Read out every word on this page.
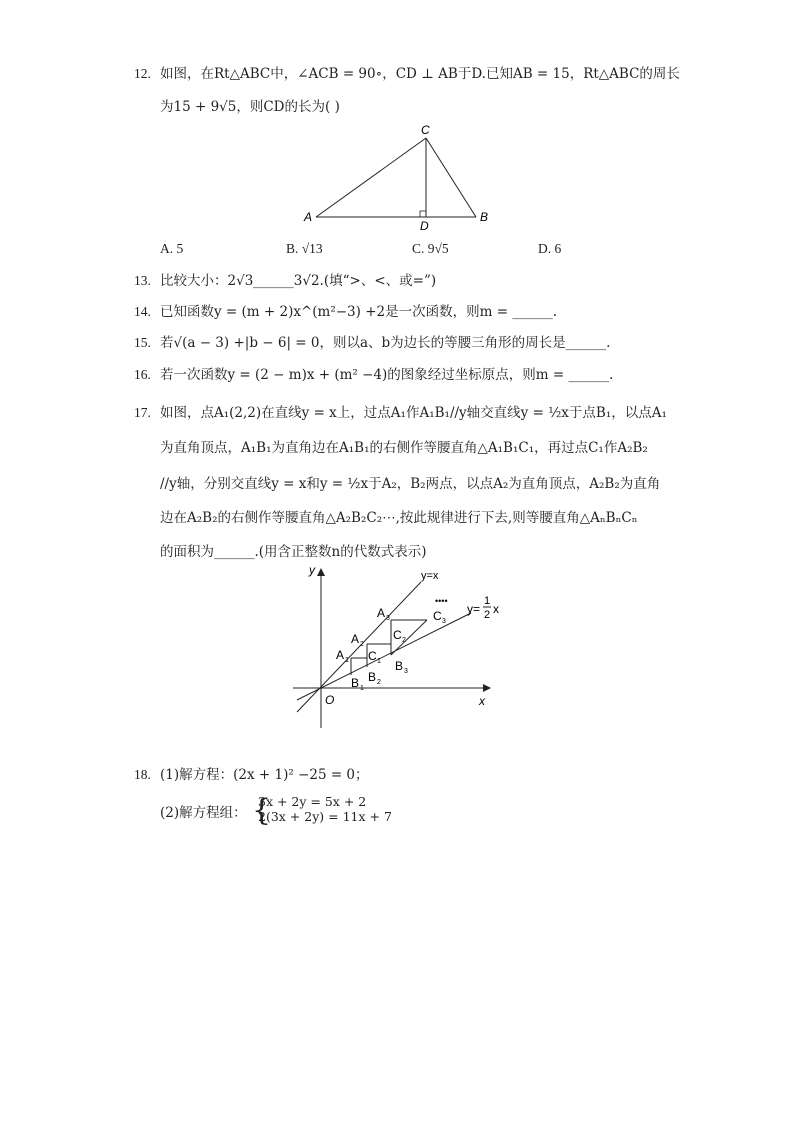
12. 如图，在Rt△ABC中，∠ACB = 90∘，CD ⊥ AB于D.已知AB = 15，Rt△ABC的周长
为15 + 9√5，则CD的长为( )
C
A	B
D
A. 5	B. √13	C. 9√5	D. 6
13. 比较大小：2√3______3√2.(填“>、<、或=”)
14. 已知函数y = (m + 2)x^(m²−3) +2是一次函数，则m = ______.
15. 若√(a − 3) +|b − 6| = 0，则以a、b为边长的等腰三角形的周长是______.
16. 若一次函数y = (2 − m)x + (m² −4)的图象经过坐标原点，则m = ______.
17. 如图，点A₁(2,2)在直线y = x上，过点A₁作A₁B₁//y轴交直线y = ½x于点B₁，以点A₁
为直角顶点，A₁B₁为直角边在A₁B₁的右侧作等腰直角△A₁B₁C₁，再过点C₁作A₂B₂
//y轴，分别交直线y = x和y = ½x于A₂，B₂两点，以点A₂为直角顶点，A₂B₂为直角
边在A₂B₂的右侧作等腰直角△A₂B₂C₂⋯,按此规律进行下去,则等腰直角△AₙBₙCₙ
的面积为______.(用含正整数n的代数式表示)
y
x
O
y=x
y=
1
2 x
••••
A 1
A 2
A 3
B 1
B 2
B 3
C 1
C 2
C 3
18. (1)解方程：(2x + 1)² −25 = 0；
(2)解方程组： {
3x + 2y = 5x + 2
2(3x + 2y) = 11x + 7
